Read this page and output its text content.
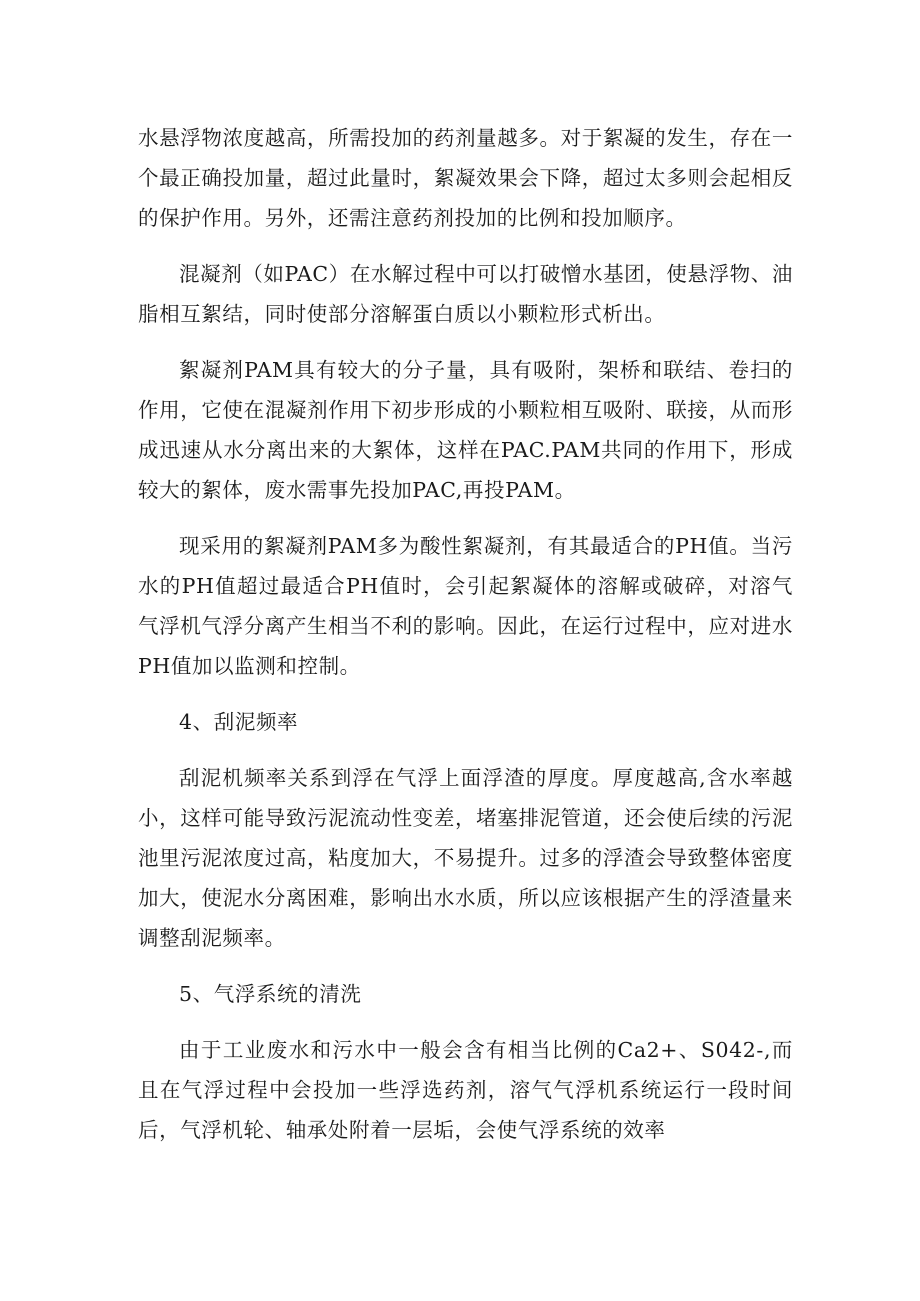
水悬浮物浓度越高，所需投加的药剂量越多。对于絮凝的发生，存在一个最正确投加量，超过此量时，絮凝效果会下降，超过太多则会起相反的保护作用。另外，还需注意药剂投加的比例和投加顺序。

混凝剂（如PAC）在水解过程中可以打破憎水基团，使悬浮物、油脂相互絮结，同时使部分溶解蛋白质以小颗粒形式析出。

絮凝剂PAM具有较大的分子量，具有吸附，架桥和联结、卷扫的作用，它使在混凝剂作用下初步形成的小颗粒相互吸附、联接，从而形成迅速从水分离出来的大絮体，这样在PAC.PAM共同的作用下，形成较大的絮体，废水需事先投加PAC,再投PAM。

现采用的絮凝剂PAM多为酸性絮凝剂，有其最适合的PH值。当污水的PH值超过最适合PH值时，会引起絮凝体的溶解或破碎，对溶气气浮机气浮分离产生相当不利的影响。因此，在运行过程中，应对进水PH值加以监测和控制。

4、刮泥频率

刮泥机频率关系到浮在气浮上面浮渣的厚度。厚度越高,含水率越小，这样可能导致污泥流动性变差，堵塞排泥管道，还会使后续的污泥池里污泥浓度过高，粘度加大，不易提升。过多的浮渣会导致整体密度加大，使泥水分离困难，影响出水水质，所以应该根据产生的浮渣量来调整刮泥频率。

5、气浮系统的清洗

由于工业废水和污水中一般会含有相当比例的Ca2+、S042-,而且在气浮过程中会投加一些浮选药剂，溶气气浮机系统运行一段时间后，气浮机轮、轴承处附着一层垢，会使气浮系统的效率
